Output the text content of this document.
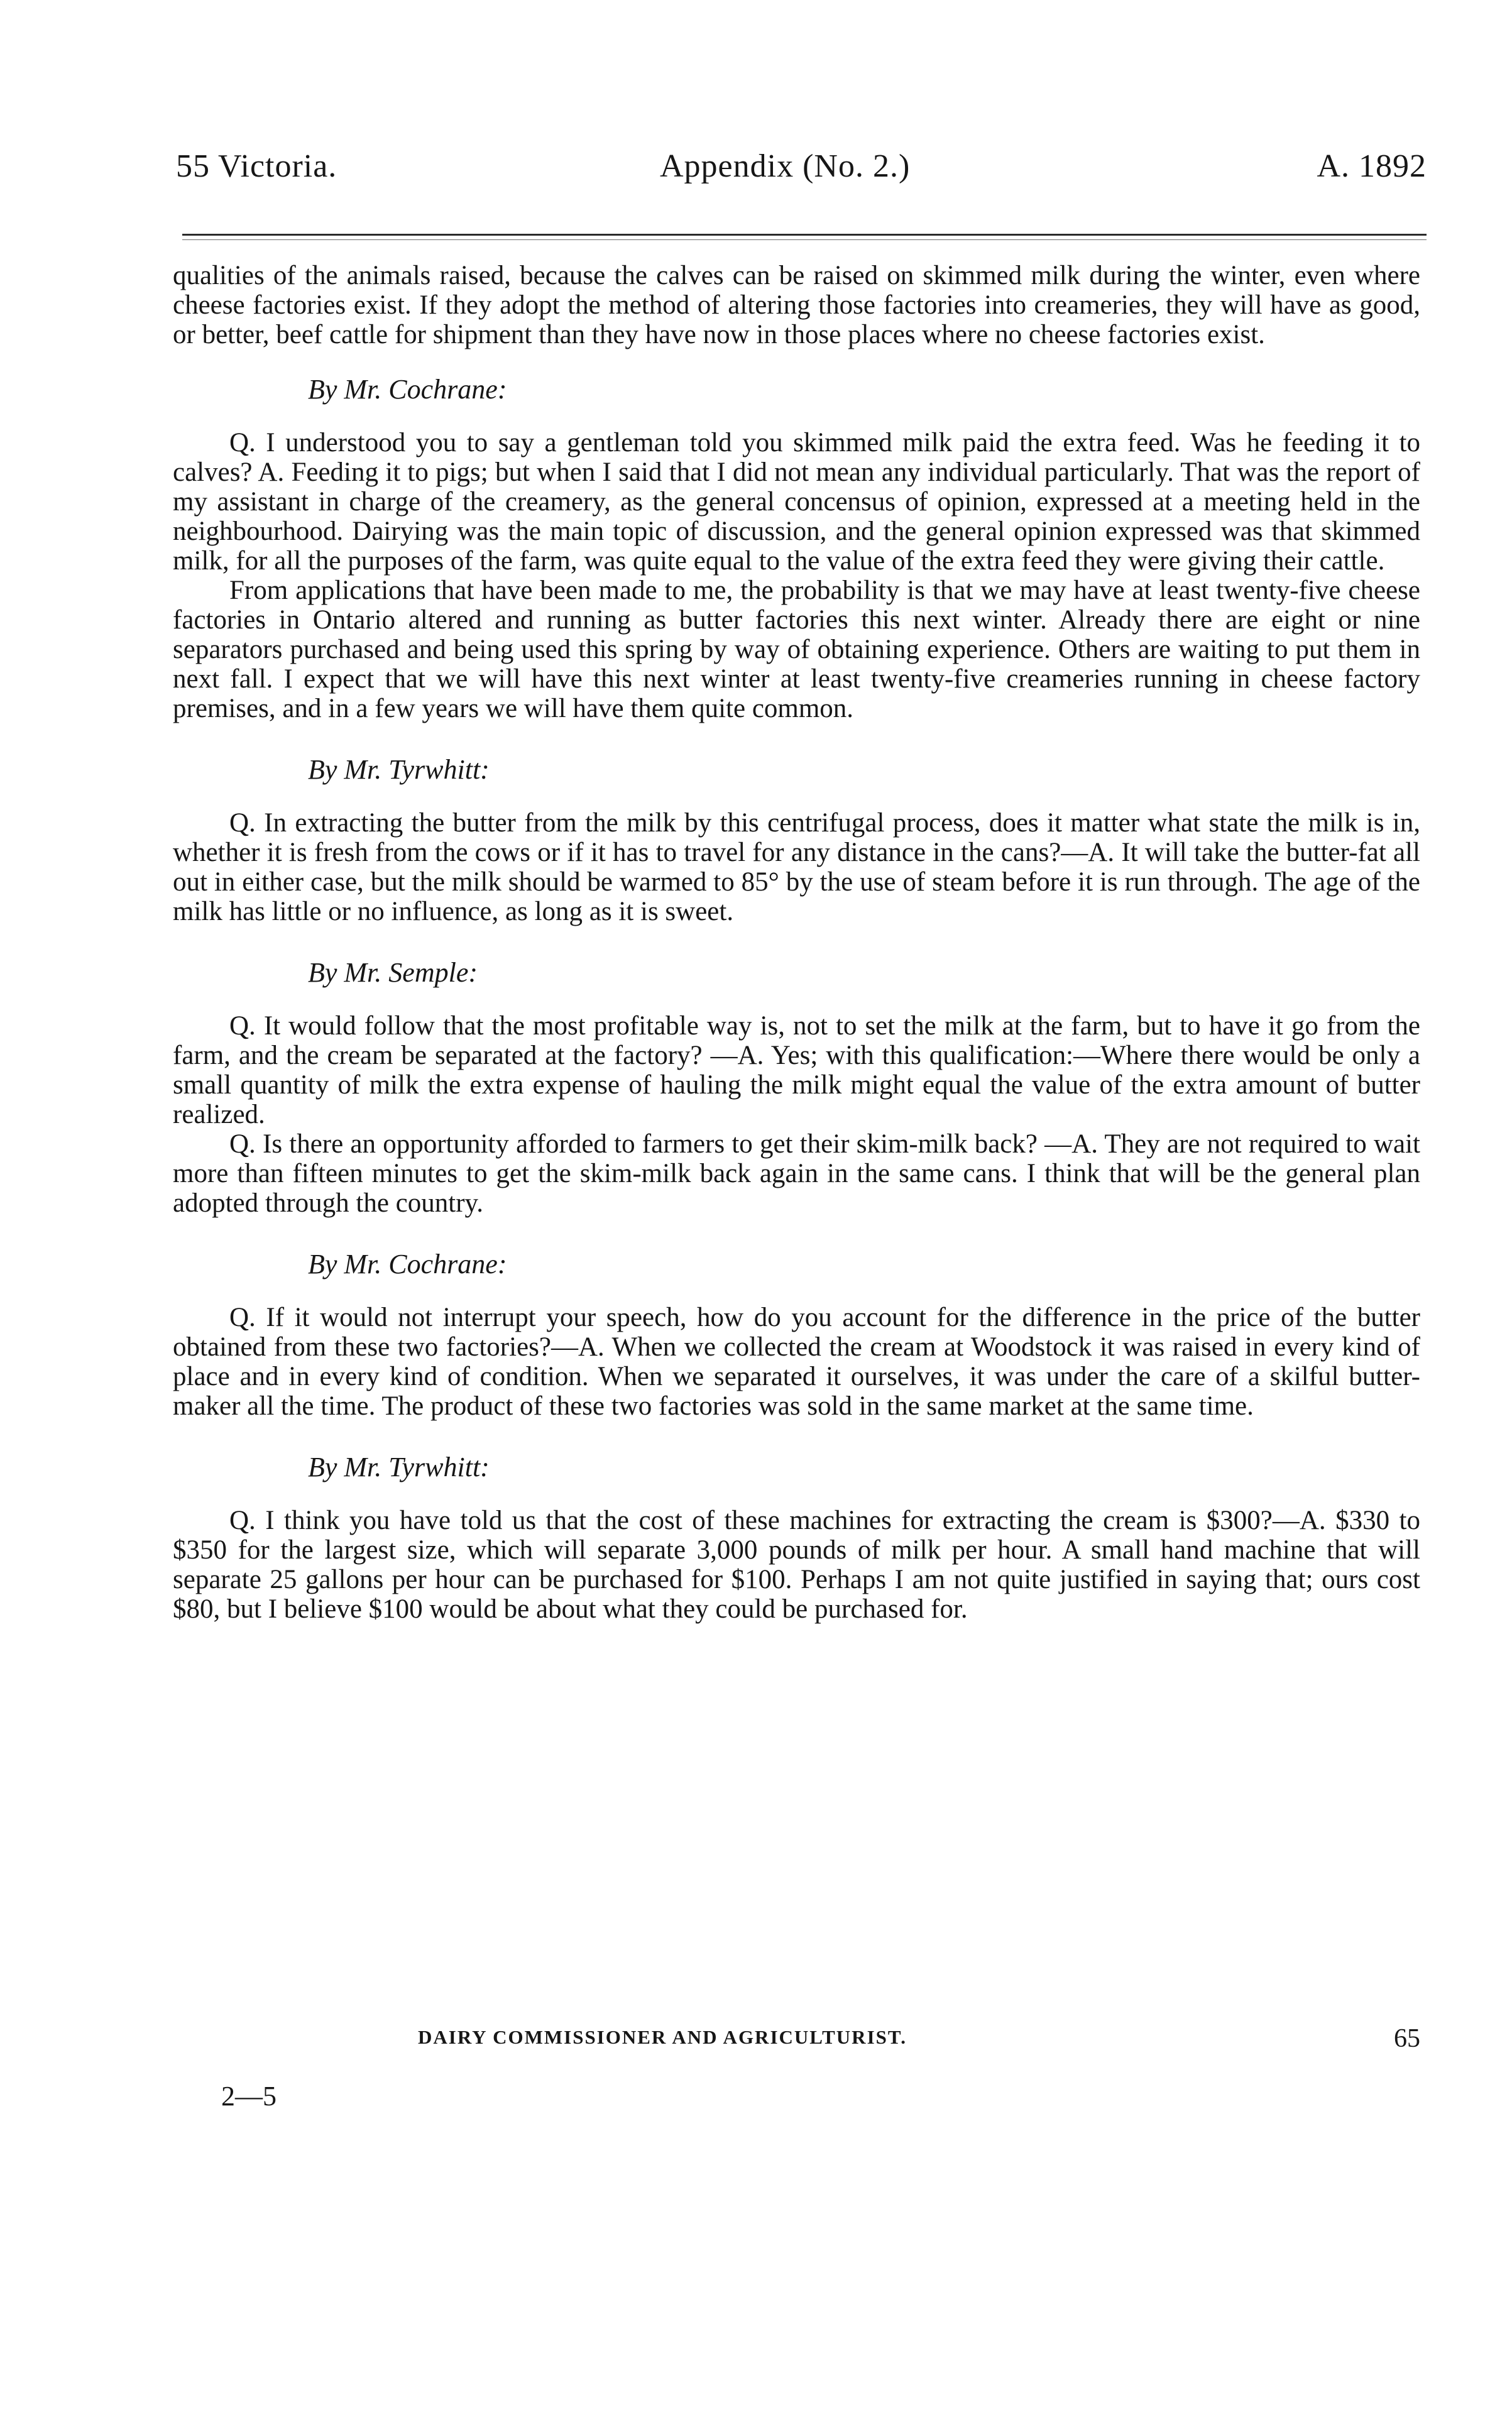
55 Victoria.	Appendix (No. 2.)	A. 1892

qualities of the animals raised, because the calves can be raised on skimmed milk during the winter, even where cheese factories exist. If they adopt the method of altering those factories into creameries, they will have as good, or better, beef cattle for shipment than they have now in those places where no cheese factories exist.

By Mr. Cochrane:

Q. I understood you to say a gentleman told you skimmed milk paid the extra feed. Was he feeding it to calves? A. Feeding it to pigs; but when I said that I did not mean any individual particularly. That was the report of my assistant in charge of the creamery, as the general concensus of opinion, expressed at a meeting held in the neighbourhood. Dairying was the main topic of discussion, and the general opinion expressed was that skimmed milk, for all the purposes of the farm, was quite equal to the value of the extra feed they were giving their cattle.

From applications that have been made to me, the probability is that we may have at least twenty-five cheese factories in Ontario altered and running as butter factories this next winter. Already there are eight or nine separators purchased and being used this spring by way of obtaining experience. Others are waiting to put them in next fall. I expect that we will have this next winter at least twenty-five creameries running in cheese factory premises, and in a few years we will have them quite common.

By Mr. Tyrwhitt:

Q. In extracting the butter from the milk by this centrifugal process, does it matter what state the milk is in, whether it is fresh from the cows or if it has to travel for any distance in the cans?—A. It will take the butter-fat all out in either case, but the milk should be warmed to 85° by the use of steam before it is run through. The age of the milk has little or no influence, as long as it is sweet.

By Mr. Semple:

Q. It would follow that the most profitable way is, not to set the milk at the farm, but to have it go from the farm, and the cream be separated at the factory? —A. Yes; with this qualification:—Where there would be only a small quantity of milk the extra expense of hauling the milk might equal the value of the extra amount of butter realized.

Q. Is there an opportunity afforded to farmers to get their skim-milk back? —A. They are not required to wait more than fifteen minutes to get the skim-milk back again in the same cans. I think that will be the general plan adopted through the country.

By Mr. Cochrane:

Q. If it would not interrupt your speech, how do you account for the difference in the price of the butter obtained from these two factories?—A. When we collected the cream at Woodstock it was raised in every kind of place and in every kind of condition. When we separated it ourselves, it was under the care of a skilful butter-maker all the time. The product of these two factories was sold in the same market at the same time.

By Mr. Tyrwhitt:

Q. I think you have told us that the cost of these machines for extracting the cream is $300?—A. $330 to $350 for the largest size, which will separate 3,000 pounds of milk per hour. A small hand machine that will separate 25 gallons per hour can be purchased for $100. Perhaps I am not quite justified in saying that; ours cost $80, but I believe $100 would be about what they could be purchased for.

DAIRY COMMISSIONER AND AGRICULTURIST.	65
2—5
